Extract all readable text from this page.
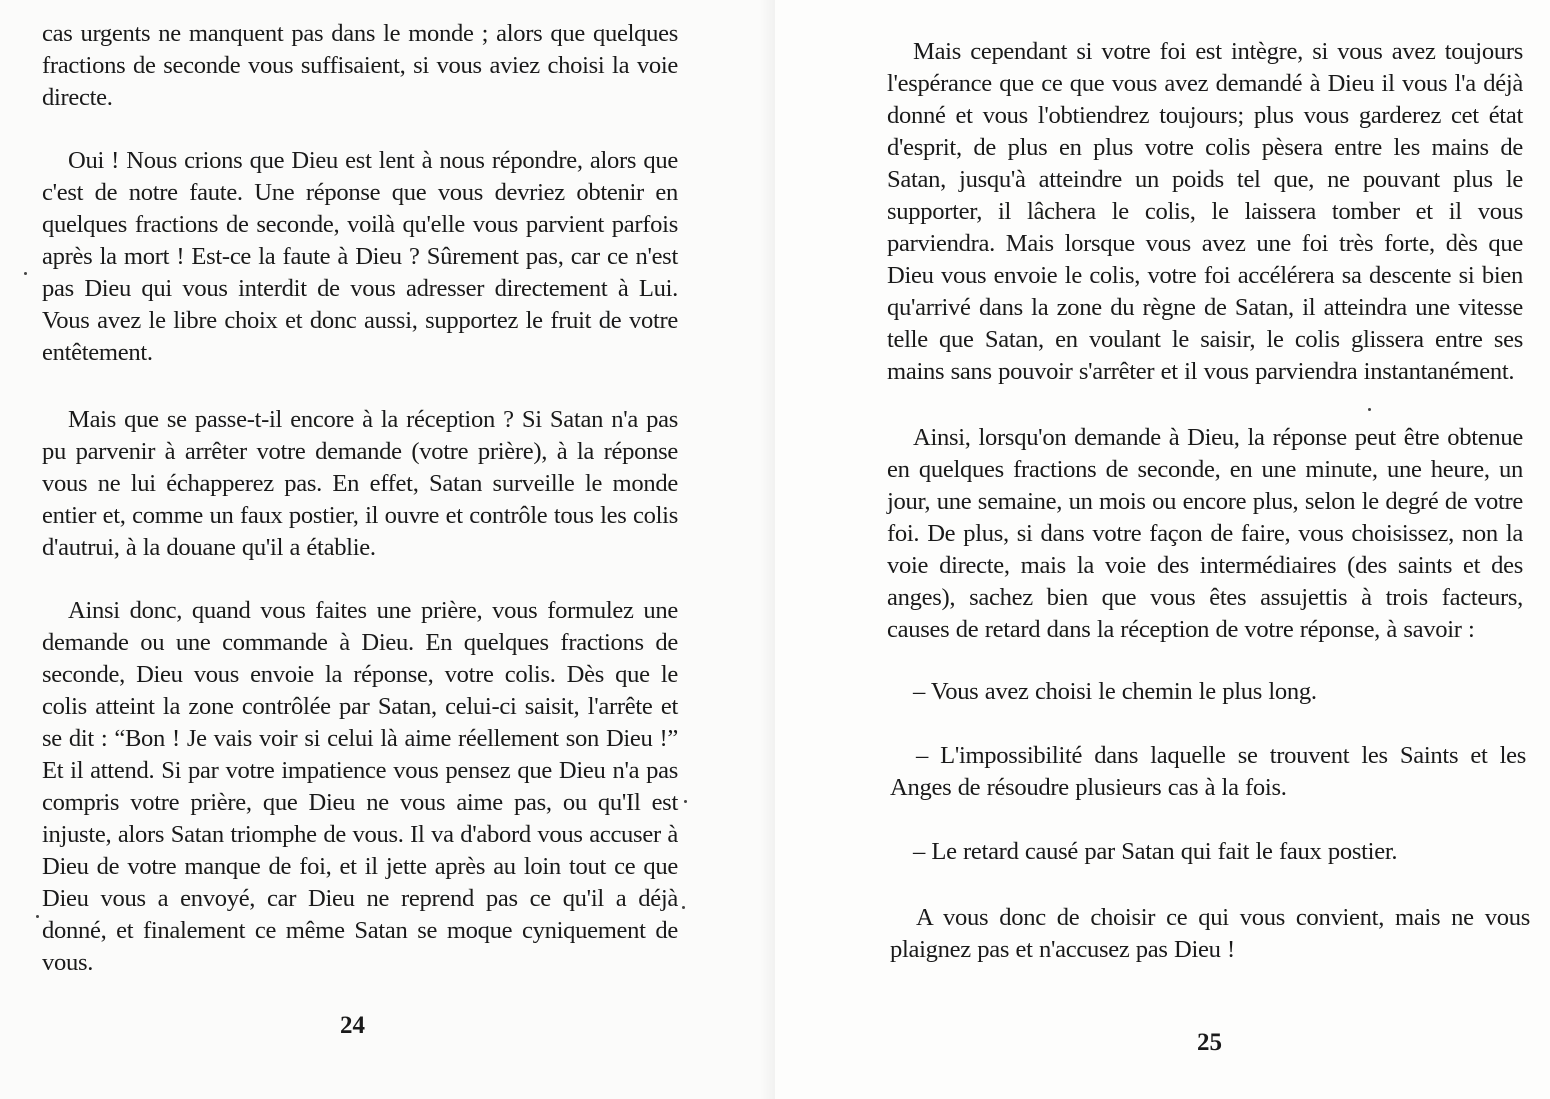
cas urgents ne manquent pas dans le monde ; alors que quelques fractions de seconde vous suffisaient, si vous aviez choisi la voie directe.

Oui ! Nous crions que Dieu est lent à nous répondre, alors que c'est de notre faute. Une réponse que vous devriez obtenir en quelques fractions de seconde, voilà qu'elle vous parvient parfois après la mort ! Est-ce la faute à Dieu ? Sûrement pas, car ce n'est pas Dieu qui vous interdit de vous adresser directement à Lui. Vous avez le libre choix et donc aussi, supportez le fruit de votre entêtement.

Mais que se passe-t-il encore à la réception ? Si Satan n'a pas pu parvenir à arrêter votre demande (votre prière), à la réponse vous ne lui échapperez pas. En effet, Satan surveille le monde entier et, comme un faux postier, il ouvre et contrôle tous les colis d'autrui, à la douane qu'il a établie.

Ainsi donc, quand vous faites une prière, vous formulez une demande ou une commande à Dieu. En quelques fractions de seconde, Dieu vous envoie la réponse, votre colis. Dès que le colis atteint la zone contrôlée par Satan, celui-ci saisit, l'arrête et se dit : “Bon ! Je vais voir si celui là aime réellement son Dieu !” Et il attend. Si par votre impatience vous pensez que Dieu n'a pas compris votre prière, que Dieu ne vous aime pas, ou qu'Il est injuste, alors Satan triomphe de vous. Il va d'abord vous accuser à Dieu de votre manque de foi, et il jette après au loin tout ce que Dieu vous a envoyé, car Dieu ne reprend pas ce qu'il a déjà donné, et finalement ce même Satan se moque cyniquement de vous.

24

Mais cependant si votre foi est intègre, si vous avez toujours l'espérance que ce que vous avez demandé à Dieu il vous l'a déjà donné et vous l'obtiendrez toujours; plus vous garderez cet état d'esprit, de plus en plus votre colis pèsera entre les mains de Satan, jusqu'à atteindre un poids tel que, ne pouvant plus le supporter, il lâchera le colis, le laissera tomber et il vous parviendra. Mais lorsque vous avez une foi très forte, dès que Dieu vous envoie le colis, votre foi accélérera sa descente si bien qu'arrivé dans la zone du règne de Satan, il atteindra une vitesse telle que Satan, en voulant le saisir, le colis glissera entre ses mains sans pouvoir s'arrêter et il vous parviendra instantanément.

Ainsi, lorsqu'on demande à Dieu, la réponse peut être obtenue en quelques fractions de seconde, en une minute, une heure, un jour, une semaine, un mois ou encore plus, selon le degré de votre foi. De plus, si dans votre façon de faire, vous choisissez, non la voie directe, mais la voie des intermédiaires (des saints et des anges), sachez bien que vous êtes assujettis à trois facteurs, causes de retard dans la réception de votre réponse, à savoir :

– Vous avez choisi le chemin le plus long.

– L'impossibilité dans laquelle se trouvent les Saints et les Anges de résoudre plusieurs cas à la fois.

– Le retard causé par Satan qui fait le faux postier.

A vous donc de choisir ce qui vous convient, mais ne vous plaignez pas et n'accusez pas Dieu !

25
